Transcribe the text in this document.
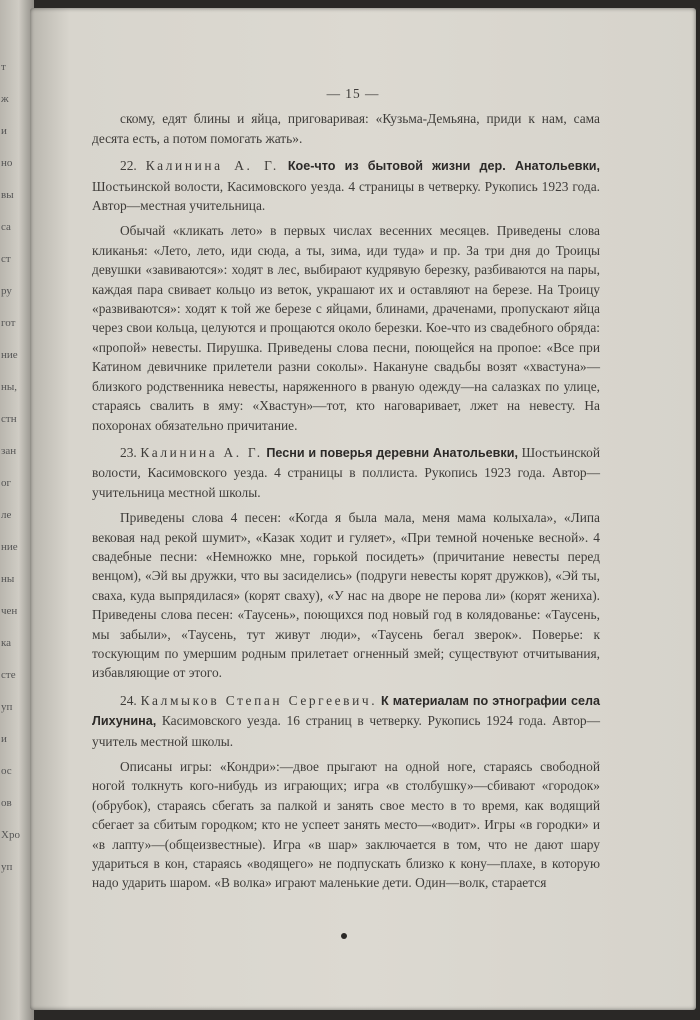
т
ж
и
но
вы
са
ст
ру
гот
ние
ны,
стн
зан
ог
ле
ние
ны
чен
ка
сте
уп
и
ос
ов
Хро
уп
— 15 —

скому, едят блины и яйца, приговаривая: «Кузьма-Демьяна, приди к нам, сама десята есть, а потом помогать жать».

22. Калинина А. Г. Кое-что из бытовой жизни дер. Анатольевки, Шостьинской волости, Касимовского уезда. 4 страницы в четверку. Рукопись 1923 года. Автор—местная учительница.

Обычай «кликать лето» в первых числах весенних месяцев. Приведены слова кликанья: «Лето, лето, иди сюда, а ты, зима, иди туда» и пр. За три дня до Троицы девушки «завиваются»: ходят в лес, выбирают кудрявую березку, разбиваются на пары, каждая пара свивает кольцо из веток, украшают их и оставляют на березе. На Троицу «развиваются»: ходят к той же березе с яйцами, блинами, драченами, пропускают яйца через свои кольца, целуются и прощаются около березки. Кое-что из свадебного обряда: «пропой» невесты. Пирушка. Приведены слова песни, поющейся на пропое: «Все при Катином девичнике прилетели разни соколы». Накануне свадьбы возят «хвастуна»—близкого родственника невесты, наряженного в рваную одежду—на салазках по улице, стараясь свалить в яму: «Хвастун»—тот, кто наговаривает, лжет на невесту. На похоронах обязательно причитание.

23. Калинина А. Г. Песни и поверья деревни Анатольевки, Шостьинской волости, Касимовского уезда. 4 страницы в поллиста. Рукопись 1923 года. Автор—учительница местной школы.

Приведены слова 4 песен: «Когда я была мала, меня мама колыхала», «Липа вековая над рекой шумит», «Казак ходит и гуляет», «При темной ноченьке весной». 4 свадебные песни: «Немножко мне, горькой посидеть» (причитание невесты перед венцом), «Эй вы дружки, что вы засиделись» (подруги невесты корят дружков), «Эй ты, сваха, куда выпрядилася» (корят сваху), «У нас на дворе не перова ли» (корят жениха). Приведены слова песен: «Таусень», поющихся под новый год в колядованье: «Таусень, мы забыли», «Таусень, тут живут люди», «Таусень бегал зверок». Поверье: к тоскующим по умершим родным прилетает огненный змей; существуют отчитывания, избавляющие от этого.

24. Калмыков Степан Сергеевич. К материалам по этнографии села Лихунина, Касимовского уезда. 16 страниц в четверку. Рукопись 1924 года. Автор—учитель местной школы.

Описаны игры: «Кондри»:—двое прыгают на одной ноге, стараясь свободной ногой толкнуть кого-нибудь из играющих; игра «в столбушку»—сбивают «городок» (обрубок), стараясь сбегать за палкой и занять свое место в то время, как водящий сбегает за сбитым городком; кто не успеет занять место—«водит». Игры «в городки» и «в лапту»—(общеизвестные). Игра «в шар» заключается в том, что не дают шару удариться в кон, стараясь «водящего» не подпускать близко к кону—плахе, в которую надо ударить шаром. «В волка» играют маленькие дети. Один—волк, старается
